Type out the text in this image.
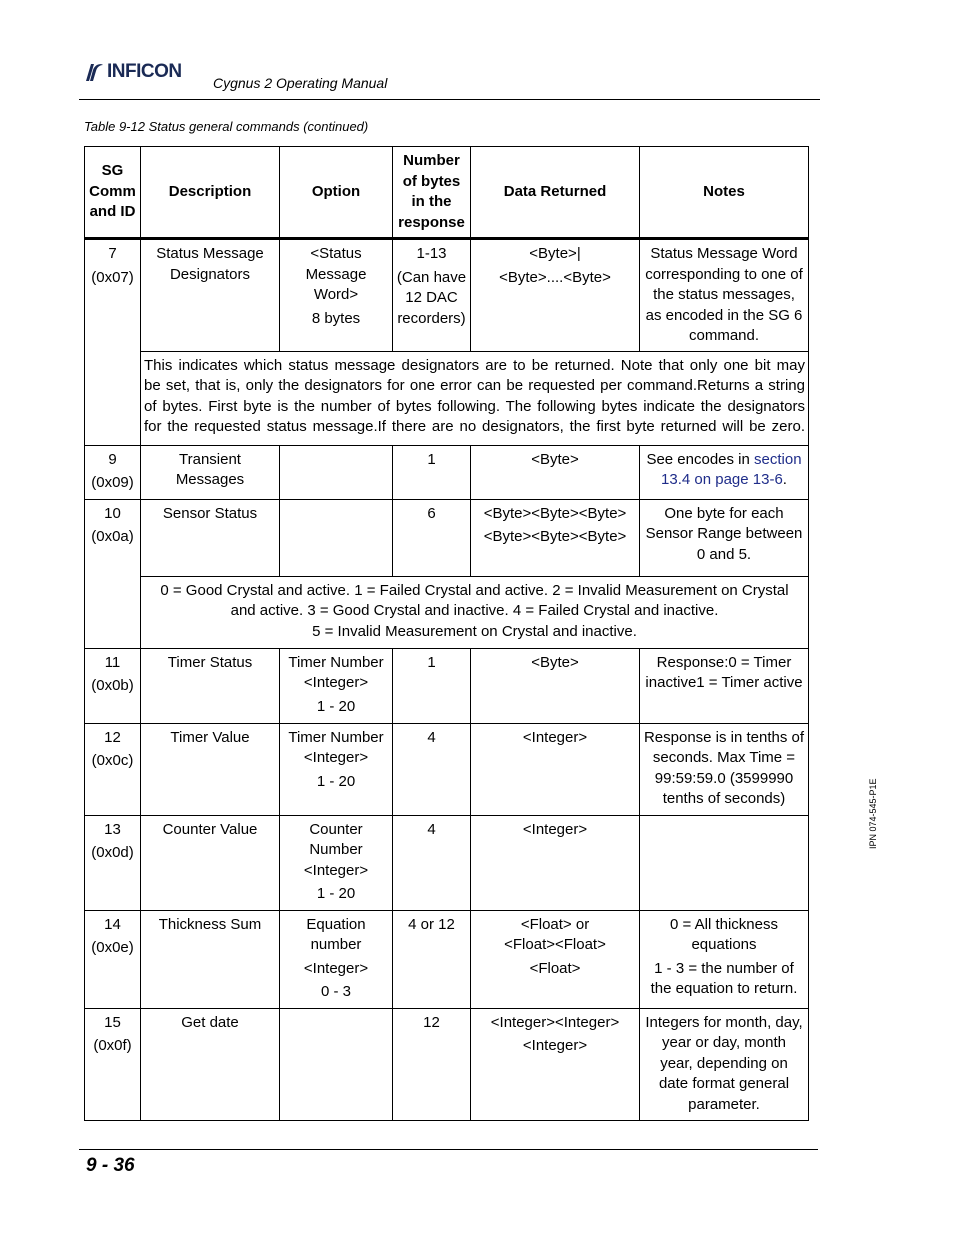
INFICON
Cygnus 2 Operating Manual
Table 9-12 Status general commands (continued)
SG
Comm
and ID	Description	Option	Number
of bytes
in the
response	Data Returned	Notes
7

(0x07)	Status Message
Designators	<Status
Message
Word>

8 bytes	1-13

(Can have
12 DAC
recorders)	<Byte>|

<Byte>....<Byte>	Status Message Word
corresponding to one of
the status messages,
as encoded in the SG 6
command.

	This indicates which status message designators are to be returned. Note that only one bit may
be set, that is, only the designators for one error can be requested per command.Returns a string
of bytes. First byte is the number of bytes following. The following bytes indicate the designators
for the requested status message.If there are no designators, the first byte returned will be zero.				

9

(0x09)	Transient
Messages		1	<Byte>	See encodes in section
13.4 on page 13-6.
10

(0x0a)	Sensor Status		6	<Byte><Byte><Byte>

<Byte><Byte><Byte>	One byte for each
Sensor Range between
0 and 5.
	0 = Good Crystal and active. 1 = Failed Crystal and active. 2 = Invalid Measurement on Crystal
and active. 3 = Good Crystal and inactive. 4 = Failed Crystal and inactive.
5 = Invalid Measurement on Crystal and inactive.				
11

(0x0b)	Timer Status	Timer Number
<Integer>

1 - 20	1	<Byte>	Response:0 = Timer
inactive1 = Timer active
12

(0x0c)	Timer Value	Timer Number
<Integer>

1 - 20	4	<Integer>	Response is in tenths of
seconds. Max Time =
99:59:59.0 (3599990
tenths of seconds)
13

(0x0d)	Counter Value	Counter
Number
<Integer>

1 - 20	4	<Integer>	
14

(0x0e)	Thickness Sum	Equation
number

<Integer>
0 - 3	4 or 12	<Float> or
<Float><Float>

<Float>	0 = All thickness
equations

1 - 3 = the number of
the equation to return.
15

(0x0f)	Get date		12	<Integer><Integer>

<Integer>	Integers for month, day,
year or day, month
year, depending on
date format general
parameter.
9 - 36
IPN 074-545-P1E
